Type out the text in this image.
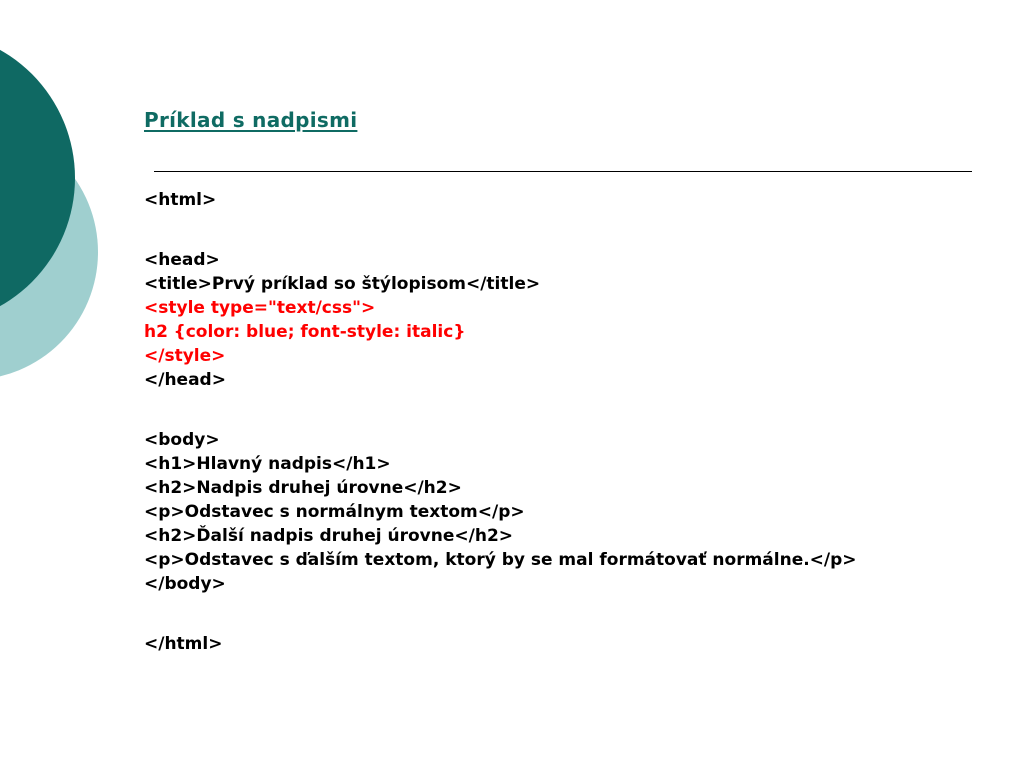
Príklad s nadpismi
<html>
<head>
<title>Prvý príklad so štýlopisom</title>
<style type="text/css">
h2	{color: blue; font-style: italic}
</style>
</head>
<body>
<h1>Hlavný nadpis</h1>
<h2>Nadpis druhej úrovne</h2>
<p>Odstavec s normálnym textom</p>
<h2>Ďalší nadpis druhej úrovne</h2>
<p>Odstavec s ďalším textom, ktorý by se mal formátovať normálne.</p>
</body>
</html>
